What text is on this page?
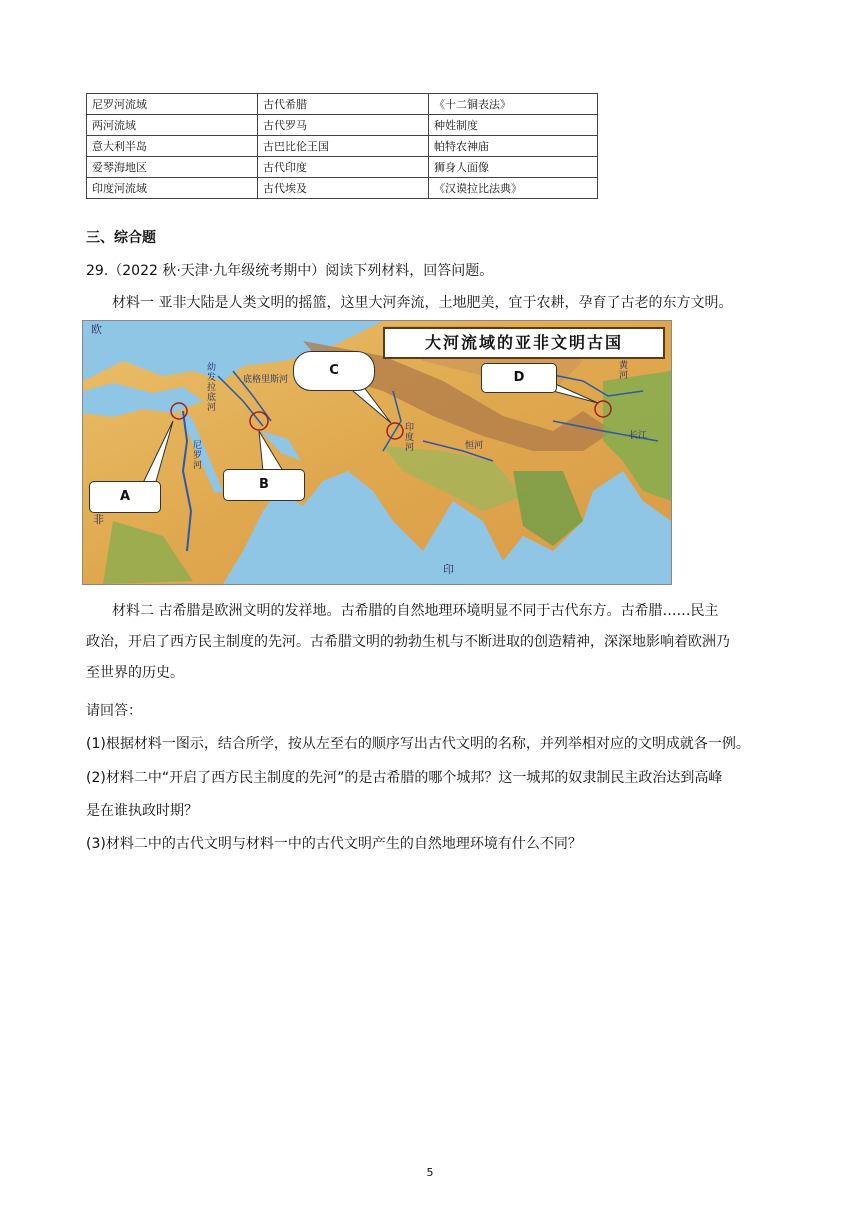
尼罗河流域	古代希腊	《十二铜表法》
两河流域	古代罗马	种姓制度
意大利半岛	古巴比伦王国	帕特农神庙
爱琴海地区	古代印度	狮身人面像
印度河流域	古代埃及	《汉谟拉比法典》
三、综合题
29.（2022 秋·天津·九年级统考期中）阅读下列材料，回答问题。
材料一 亚非大陆是人类文明的摇篮，这里大河奔流，土地肥美，宜于农耕，孕育了古老的东方文明。
大河流域的亚非文明古国
A
B
C	D
欧
非
印
尼罗河
幼发拉底河
底格里斯河
印度河	恒河
黄河
长江
材料二 古希腊是欧洲文明的发祥地。古希腊的自然地理环境明显不同于古代东方。古希腊……民主
政治，开启了西方民主制度的先河。古希腊文明的勃勃生机与不断进取的创造精神，深深地影响着欧洲乃
至世界的历史。
请回答：
(1)根据材料一图示，结合所学，按从左至右的顺序写出古代文明的名称，并列举相对应的文明成就各一例。
(2)材料二中“开启了西方民主制度的先河”的是古希腊的哪个城邦？这一城邦的奴隶制民主政治达到高峰
是在谁执政时期？
(3)材料二中的古代文明与材料一中的古代文明产生的自然地理环境有什么不同？
5
